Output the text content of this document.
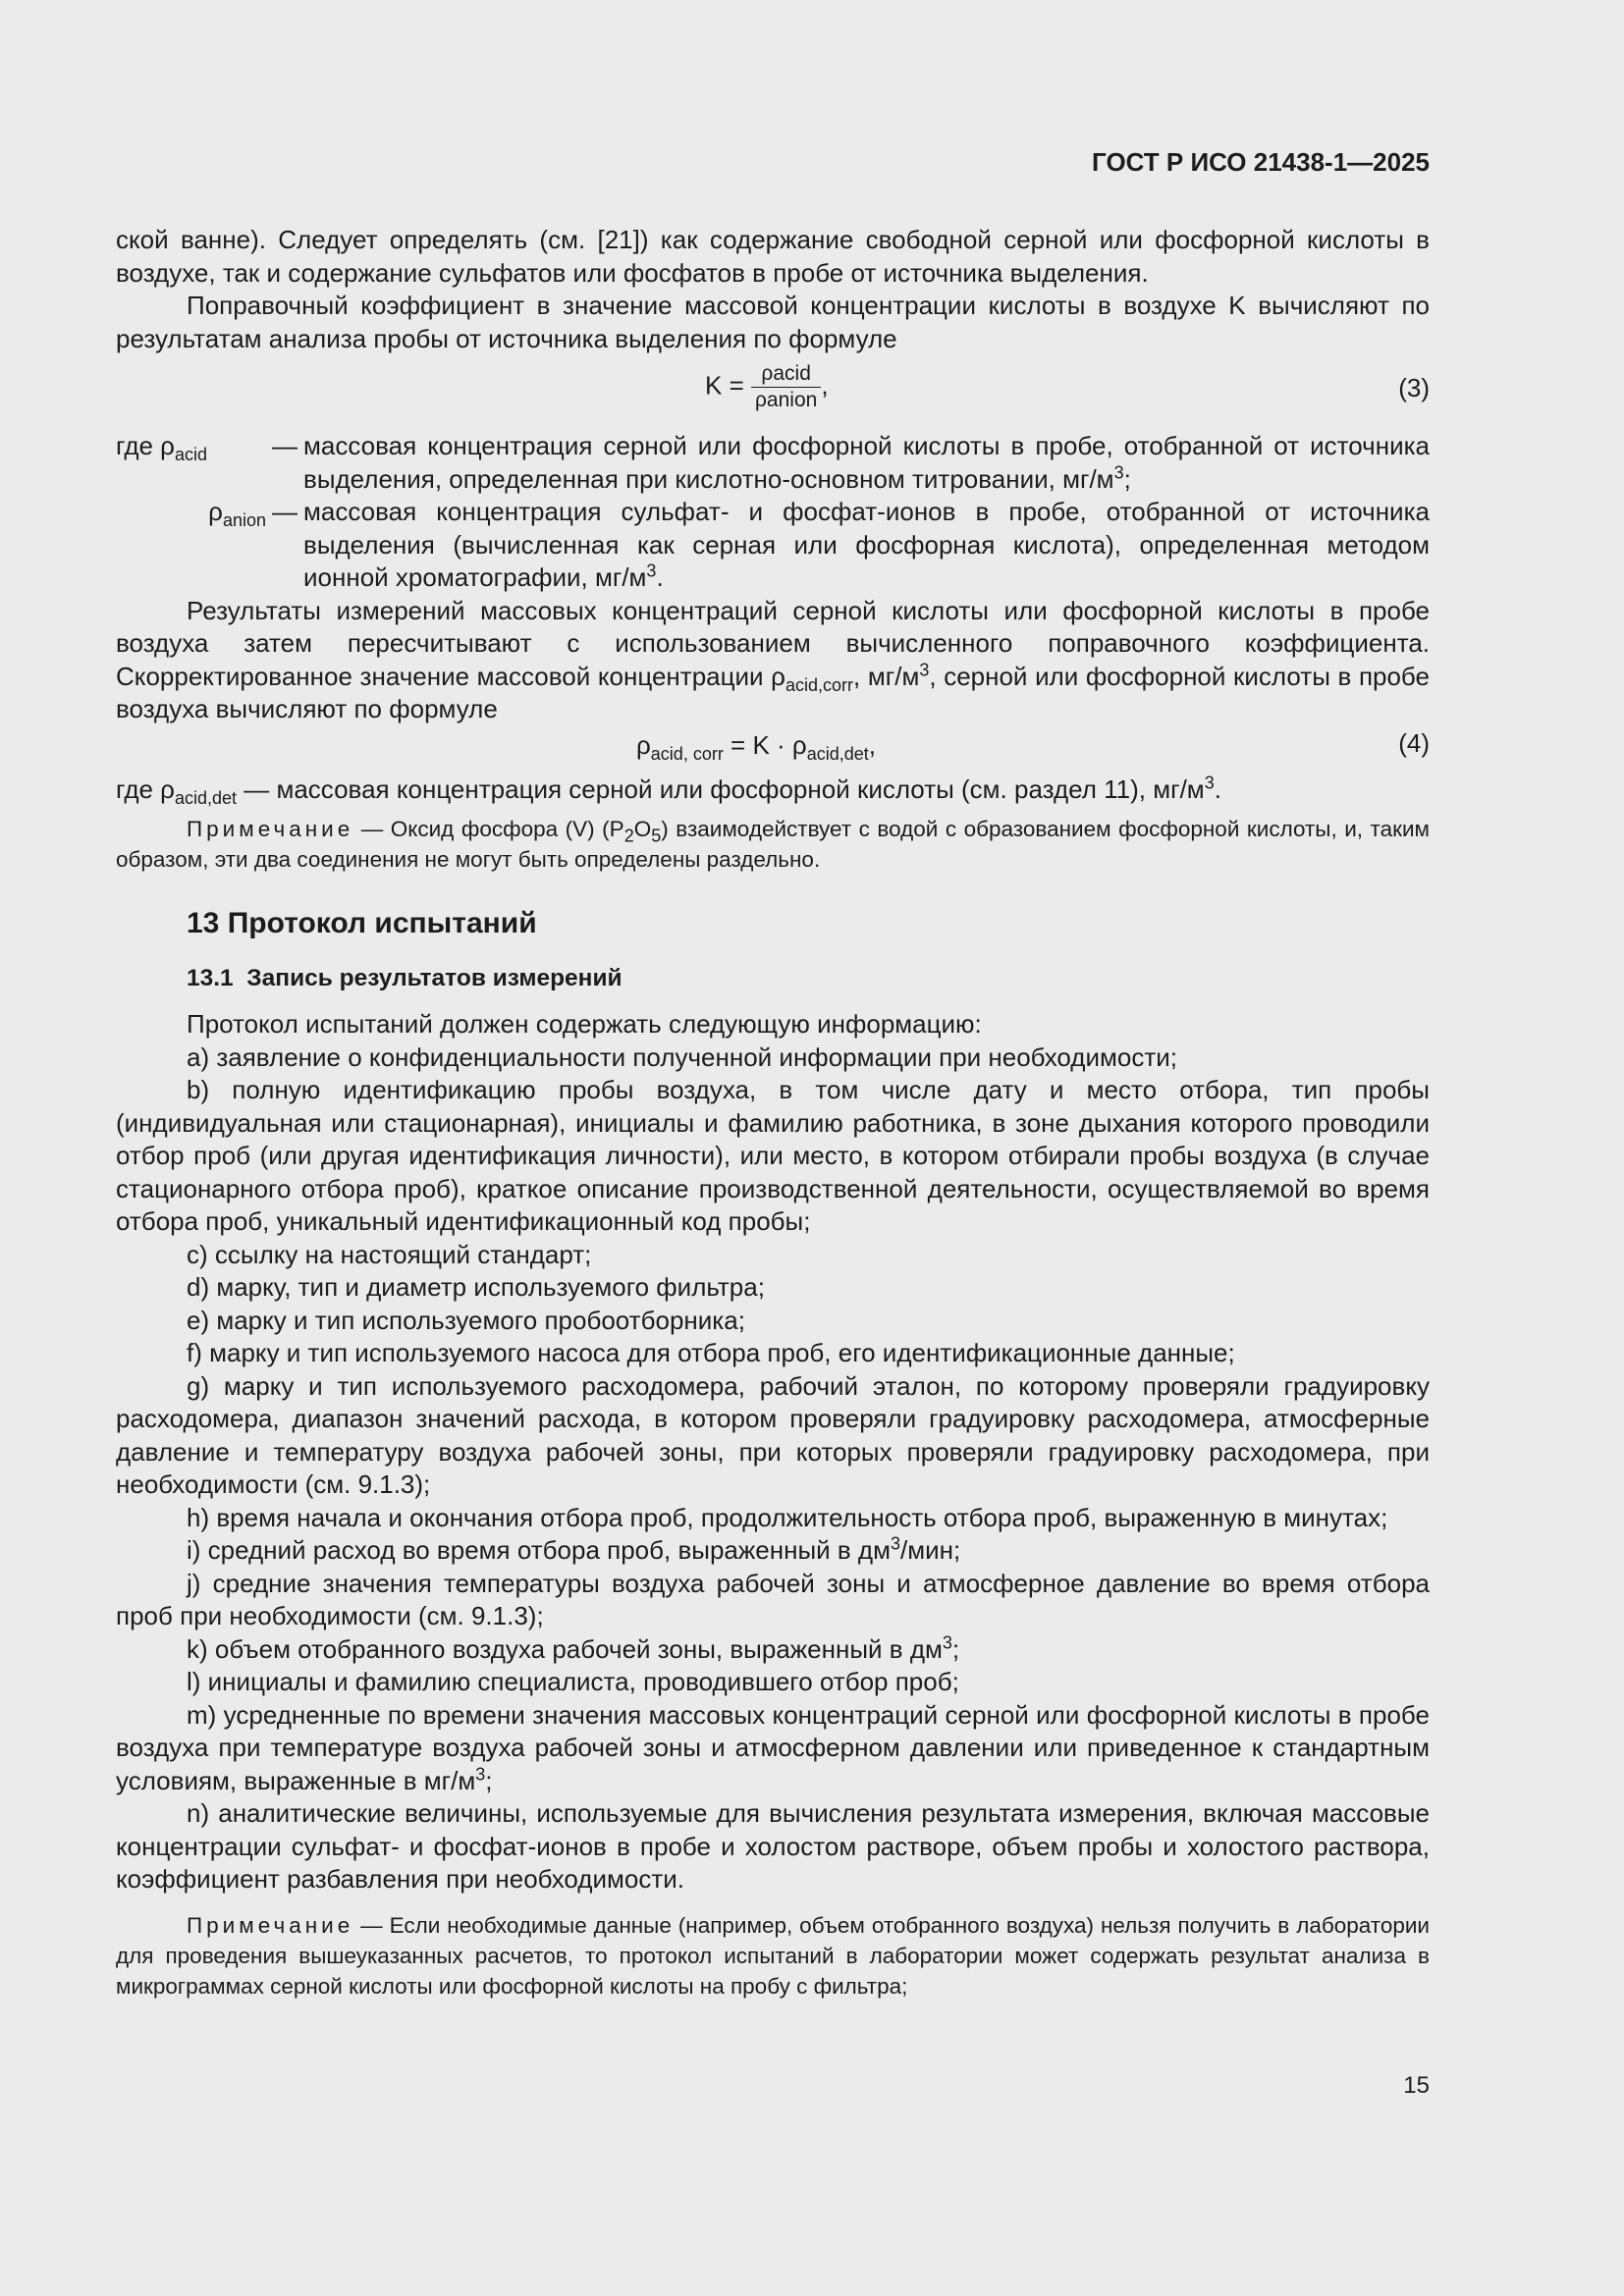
ГОСТ Р ИСО 21438-1—2025

ской ванне). Следует определять (см. [21]) как содержание свободной серной или фосфорной кислоты в воздухе, так и содержание сульфатов или фосфатов в пробе от источника выделения.

Поправочный коэффициент в значение массовой концентрации кислоты в воздухе K вычисляют по результатам анализа пробы от источника выделения по формуле

$K = \frac{\text{ρacid}}{\text{ρanion}}$ ,	(3)
где $\rho_{acid}$	— массовая концентрация серной или фосфорной кислоты в пробе, отобранной от источника выделения, определенная при кислотно-основном титровании, $мг/м^3$;
$\rho_{anion}$ — массовая концентрация сульфат- и фосфат-ионов в пробе, отобранной от источника выделения (вычисленная как серная или фосфорная кислота), определенная методом ионной хроматографии, $мг/м^3$.

Результаты измерений массовых концентраций серной кислоты или фосфорной кислоты в пробе воздуха затем пересчитывают с использованием вычисленного поправочного коэффициента. Скорректированное значение массовой концентрации $\rho_{acid,corr}$, $мг/м^3$, серной или фосфорной кислоты в пробе воздуха вычисляют по формуле

$\rho_{acid, corr} = K \cdot \rho_{acid,det}$,	(4)

где $\rho_{acid,det}$ — массовая концентрация серной или фосфорной кислоты (см. раздел 11), $мг/м^3$.

Примечание — Оксид фосфора (V) $(P_2O_5)$ взаимодействует с водой с образованием фосфорной кислоты, и, таким образом, эти два соединения не могут быть определены раздельно.

13 Протокол испытаний
13.1  Запись результатов измерений

Протокол испытаний должен содержать следующую информацию:

a) заявление о конфиденциальности полученной информации при необходимости;

b) полную идентификацию пробы воздуха, в том числе дату и место отбора, тип пробы (индивидуальная или стационарная), инициалы и фамилию работника, в зоне дыхания которого проводили отбор проб (или другая идентификация личности), или место, в котором отбирали пробы воздуха (в случае стационарного отбора проб), краткое описание производственной деятельности, осуществляемой во время отбора проб, уникальный идентификационный код пробы;

c) ссылку на настоящий стандарт;

d) марку, тип и диаметр используемого фильтра;

e) марку и тип используемого пробоотборника;

f) марку и тип используемого насоса для отбора проб, его идентификационные данные;

g) марку и тип используемого расходомера, рабочий эталон, по которому проверяли градуировку расходомера, диапазон значений расхода, в котором проверяли градуировку расходомера, атмосферные давление и температуру воздуха рабочей зоны, при которых проверяли градуировку расходомера, при необходимости (см. 9.1.3);

h) время начала и окончания отбора проб, продолжительность отбора проб, выраженную в минутах;

i) средний расход во время отбора проб, выраженный в $дм^3$/мин;

j) средние значения температуры воздуха рабочей зоны и атмосферное давление во время отбора проб при необходимости (см. 9.1.3);

k) объем отобранного воздуха рабочей зоны, выраженный в $дм^3$;

l) инициалы и фамилию специалиста, проводившего отбор проб;

m) усредненные по времени значения массовых концентраций серной или фосфорной кислоты в пробе воздуха при температуре воздуха рабочей зоны и атмосферном давлении или приведенное к стандартным условиям, выраженные в $мг/м^3$;

n) аналитические величины, используемые для вычисления результата измерения, включая массовые концентрации сульфат- и фосфат-ионов в пробе и холостом растворе, объем пробы и холостого раствора, коэффициент разбавления при необходимости.

Примечание — Если необходимые данные (например, объем отобранного воздуха) нельзя получить в лаборатории для проведения вышеуказанных расчетов, то протокол испытаний в лаборатории может содержать результат анализа в микрограммах серной кислоты или фосфорной кислоты на пробу с фильтра;

15
